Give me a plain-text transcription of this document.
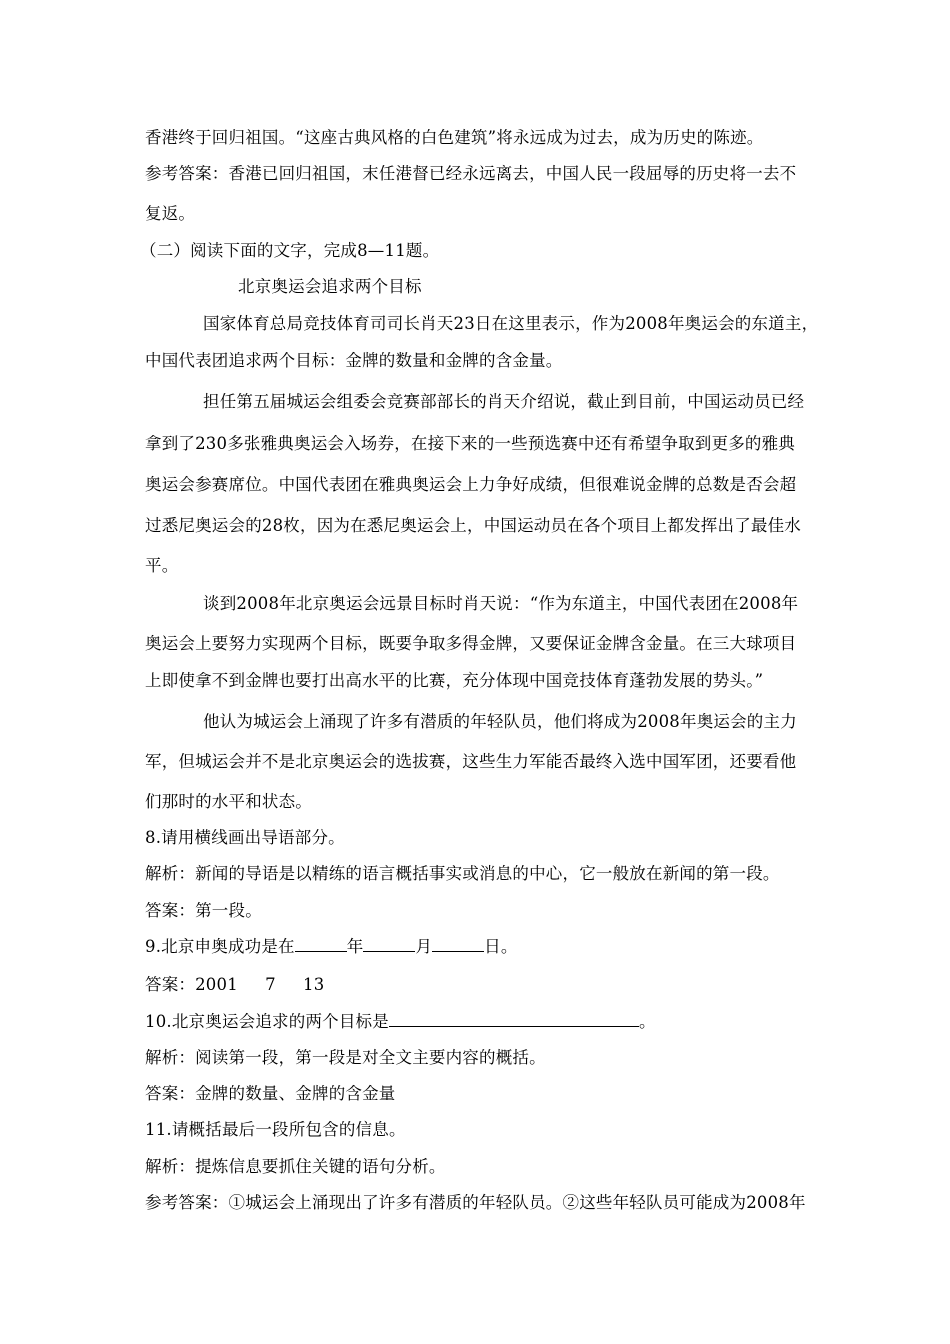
香港终于回归祖国。“这座古典风格的白色建筑”将永远成为过去，成为历史的陈迹。
参考答案：香港已回归祖国，末任港督已经永远离去，中国人民一段屈辱的历史将一去不
复返。
（二）阅读下面的文字，完成8—11题。
北京奥运会追求两个目标
国家体育总局竞技体育司司长肖天23日在这里表示，作为2008年奥运会的东道主，
中国代表团追求两个目标：金牌的数量和金牌的含金量。
担任第五届城运会组委会竞赛部部长的肖天介绍说，截止到目前，中国运动员已经
拿到了230多张雅典奥运会入场券，在接下来的一些预选赛中还有希望争取到更多的雅典
奥运会参赛席位。中国代表团在雅典奥运会上力争好成绩，但很难说金牌的总数是否会超
过悉尼奥运会的28枚，因为在悉尼奥运会上，中国运动员在各个项目上都发挥出了最佳水
平。
谈到2008年北京奥运会远景目标时肖天说：“作为东道主，中国代表团在2008年
奥运会上要努力实现两个目标，既要争取多得金牌，又要保证金牌含金量。在三大球项目
上即使拿不到金牌也要打出高水平的比赛，充分体现中国竞技体育蓬勃发展的势头。”
他认为城运会上涌现了许多有潜质的年轻队员，他们将成为2008年奥运会的主力
军，但城运会并不是北京奥运会的选拔赛，这些生力军能否最终入选中国军团，还要看他
们那时的水平和状态。
8.请用横线画出导语部分。
解析：新闻的导语是以精练的语言概括事实或消息的中心，它一般放在新闻的第一段。
答案：第一段。
9.北京申奥成功是在	年	月	日。
答案：2001     7     13
10.北京奥运会追求的两个目标是	。
解析：阅读第一段，第一段是对全文主要内容的概括。
答案：金牌的数量、金牌的含金量
11.请概括最后一段所包含的信息。
解析：提炼信息要抓住关键的语句分析。
参考答案：①城运会上涌现出了许多有潜质的年轻队员。②这些年轻队员可能成为2008年
